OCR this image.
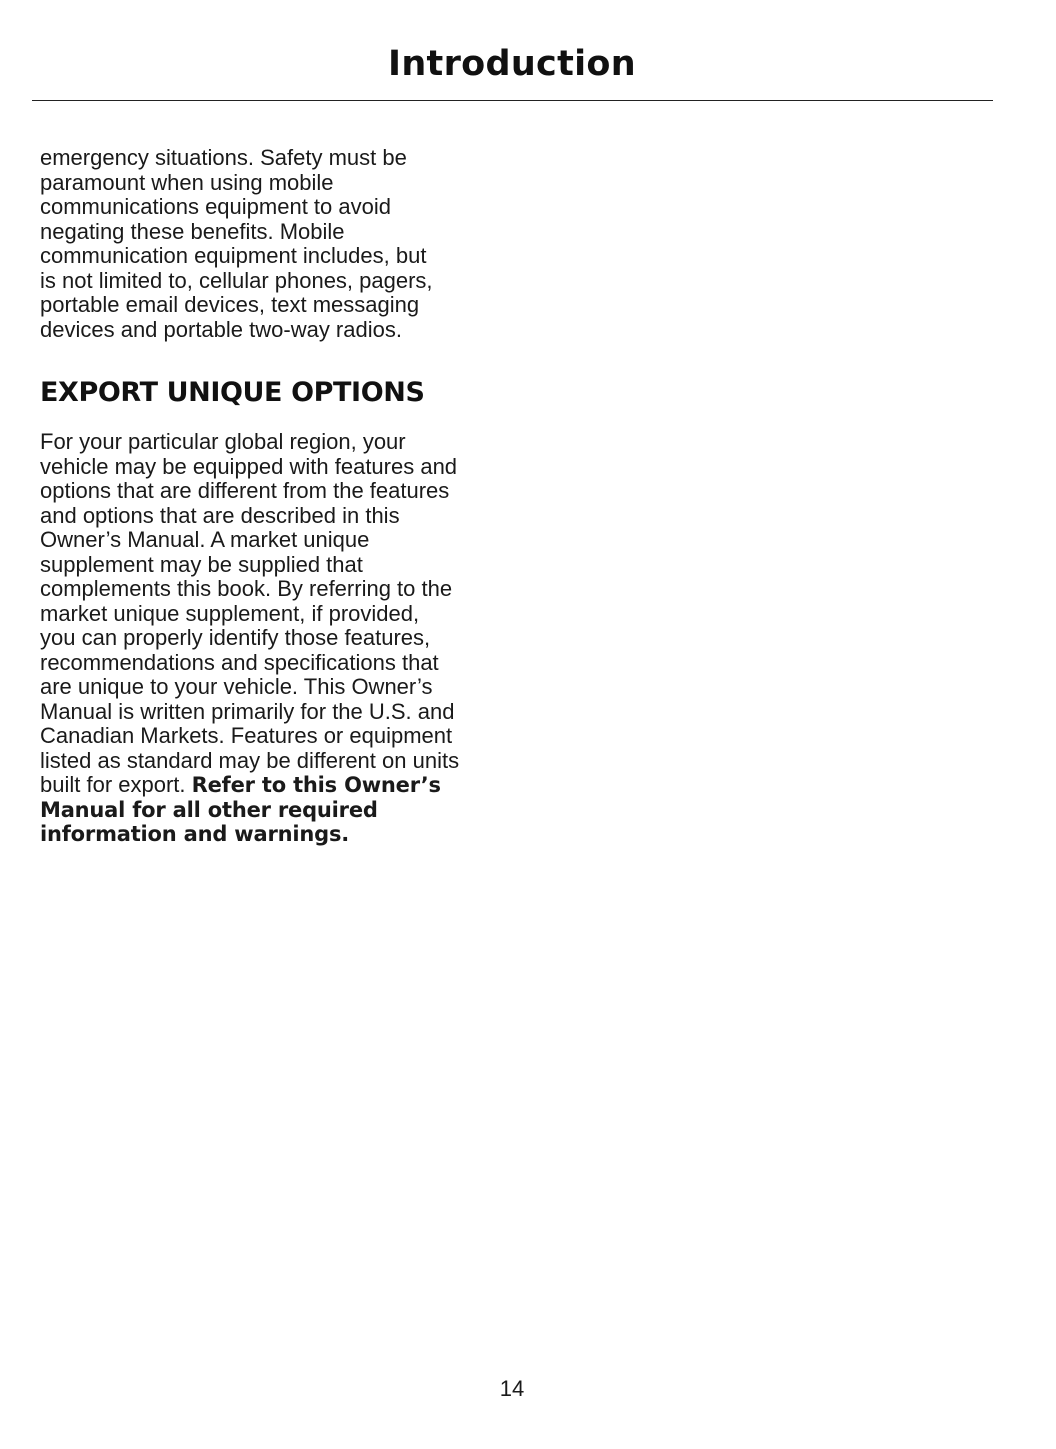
Introduction

emergency situations. Safety must be
paramount when using mobile
communications equipment to avoid
negating these benefits. Mobile
communication equipment includes, but
is not limited to, cellular phones, pagers,
portable email devices, text messaging
devices and portable two-way radios.

EXPORT UNIQUE OPTIONS

For your particular global region, your
vehicle may be equipped with features and
options that are different from the features
and options that are described in this
Owner’s Manual. A market unique
supplement may be supplied that
complements this book. By referring to the
market unique supplement, if provided,
you can properly identify those features,
recommendations and specifications that
are unique to your vehicle. This Owner’s
Manual is written primarily for the U.S. and
Canadian Markets. Features or equipment
listed as standard may be different on units
built for export. Refer to this Owner’s
Manual for all other required
information and warnings.

14
